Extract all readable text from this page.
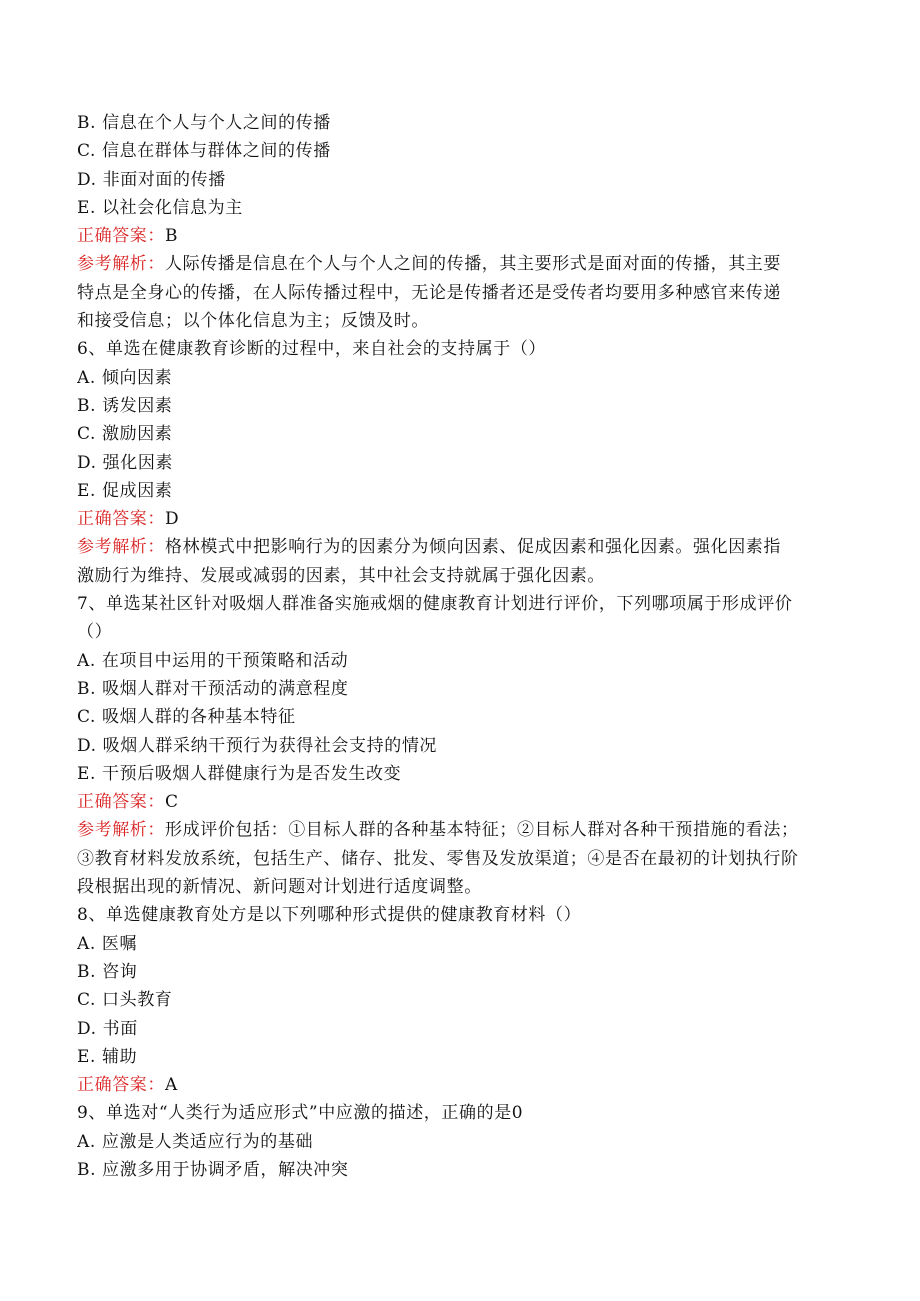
B. 信息在个人与个人之间的传播
C. 信息在群体与群体之间的传播
D. 非面对面的传播
E. 以社会化信息为主
正确答案：B
参考解析：人际传播是信息在个人与个人之间的传播，其主要形式是面对面的传播，其主要
特点是全身心的传播，在人际传播过程中，无论是传播者还是受传者均要用多种感官来传递
和接受信息；以个体化信息为主；反馈及时。
6、单选在健康教育诊断的过程中，来自社会的支持属于（）
A. 倾向因素
B. 诱发因素
C. 激励因素
D. 强化因素
E. 促成因素
正确答案：D
参考解析：格林模式中把影响行为的因素分为倾向因素、促成因素和强化因素。强化因素指
激励行为维持、发展或减弱的因素，其中社会支持就属于强化因素。
7、单选某社区针对吸烟人群准备实施戒烟的健康教育计划进行评价，下列哪项属于形成评价
（）
A. 在项目中运用的干预策略和活动
B. 吸烟人群对干预活动的满意程度
C. 吸烟人群的各种基本特征
D. 吸烟人群采纳干预行为获得社会支持的情况
E. 干预后吸烟人群健康行为是否发生改变
正确答案：C
参考解析：形成评价包括：①目标人群的各种基本特征；②目标人群对各种干预措施的看法；
③教育材料发放系统，包括生产、储存、批发、零售及发放渠道；④是否在最初的计划执行阶
段根据出现的新情况、新问题对计划进行适度调整。
8、单选健康教育处方是以下列哪种形式提供的健康教育材料（）
A. 医嘱
B. 咨询
C. 口头教育
D. 书面
E. 辅助
正确答案：A
9、单选对“人类行为适应形式”中应激的描述，正确的是0
A. 应激是人类适应行为的基础
B. 应激多用于协调矛盾，解决冲突
